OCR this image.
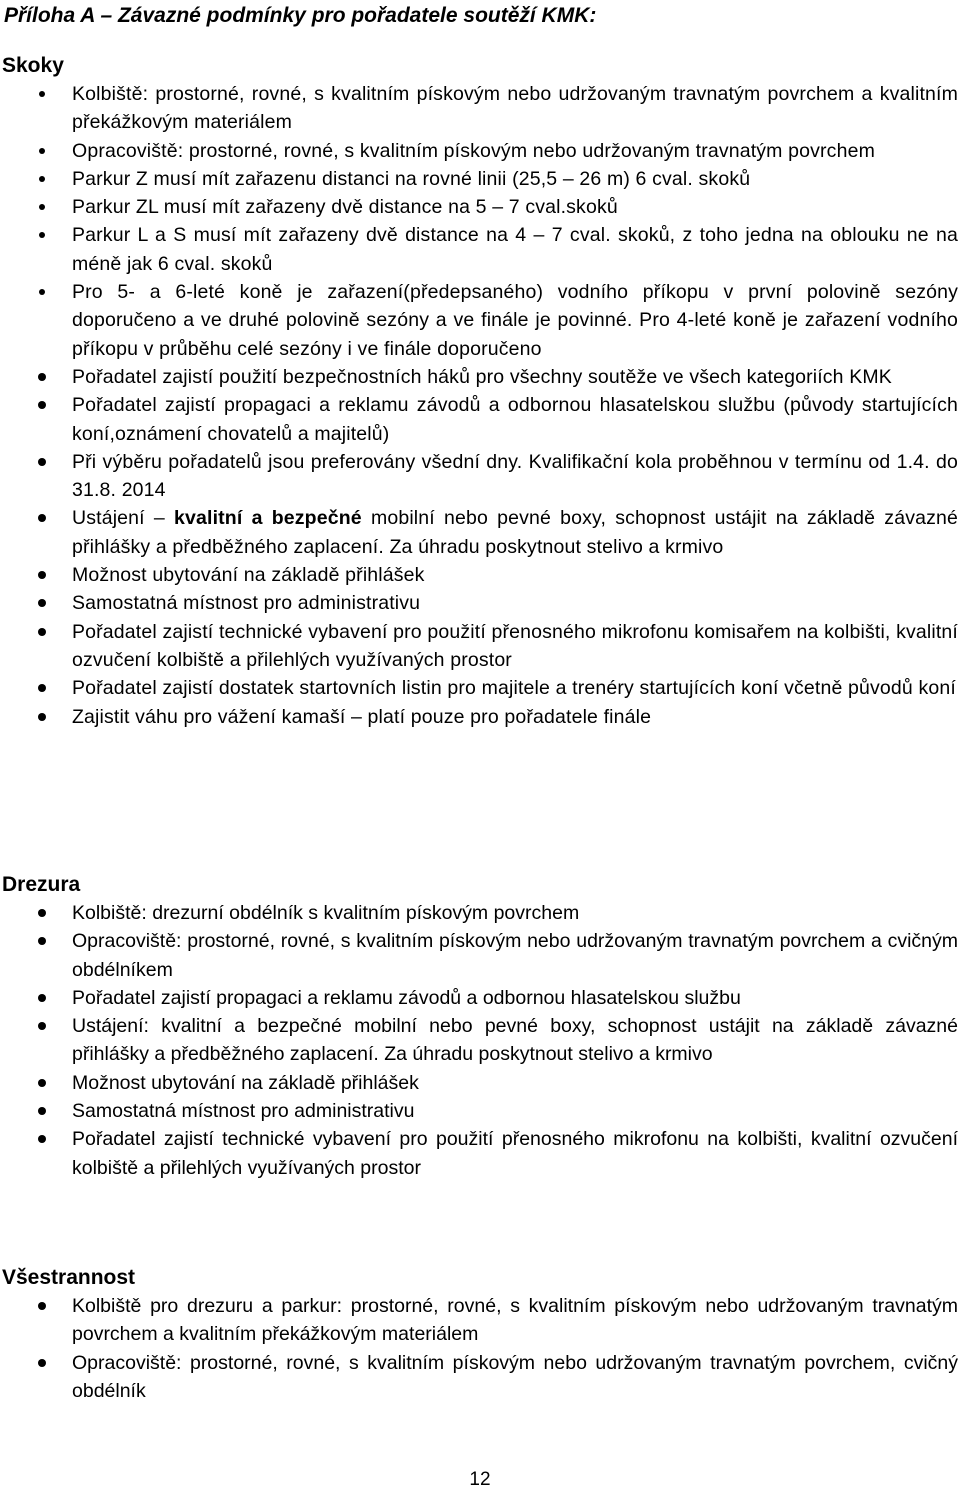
Příloha A – Závazné podmínky pro pořadatele soutěží KMK:
Skoky
Kolbiště: prostorné, rovné, s kvalitním pískovým nebo udržovaným travnatým povrchem a kvalitním překážkovým materiálem
Opracoviště: prostorné, rovné, s kvalitním pískovým nebo udržovaným travnatým povrchem
Parkur Z musí mít zařazenu distanci na rovné linii (25,5 – 26 m) 6 cval. skoků
Parkur ZL musí mít zařazeny dvě distance na 5 – 7 cval.skoků
Parkur L a S musí mít zařazeny dvě distance na 4 – 7 cval. skoků, z toho jedna na oblouku ne na méně jak 6 cval. skoků
Pro 5- a 6-leté koně je zařazení(předepsaného) vodního příkopu v první polovině sezóny doporučeno a ve druhé polovině sezóny a ve finále je povinné. Pro 4-leté koně je zařazení vodního příkopu v průběhu celé sezóny i ve finále doporučeno
Pořadatel zajistí použití bezpečnostních háků pro všechny soutěže ve všech kategoriích KMK
Pořadatel zajistí propagaci a reklamu závodů a odbornou hlasatelskou službu (původy startujících koní,oznámení chovatelů a majitelů)
Při výběru pořadatelů jsou preferovány všední dny. Kvalifikační kola proběhnou v termínu od 1.4. do 31.8. 2014
Ustájení – kvalitní a bezpečné mobilní nebo pevné boxy, schopnost ustájit na základě závazné přihlášky a předběžného zaplacení. Za úhradu poskytnout stelivo a krmivo
Možnost ubytování na základě přihlášek
Samostatná místnost pro administrativu
Pořadatel zajistí technické vybavení pro použití přenosného mikrofonu komisařem na kolbišti, kvalitní ozvučení kolbiště a přilehlých využívaných prostor
Pořadatel zajistí dostatek startovních listin pro majitele a trenéry startujících koní včetně původů koní
Zajistit váhu pro vážení kamaší – platí pouze pro pořadatele finále
Drezura
Kolbiště: drezurní obdélník s kvalitním pískovým povrchem
Opracoviště: prostorné, rovné, s kvalitním pískovým nebo udržovaným travnatým povrchem a cvičným obdélníkem
Pořadatel zajistí propagaci a reklamu závodů a odbornou hlasatelskou službu
Ustájení: kvalitní a bezpečné mobilní nebo pevné boxy, schopnost ustájit na základě závazné přihlášky a předběžného zaplacení. Za úhradu poskytnout stelivo a krmivo
Možnost ubytování na základě přihlášek
Samostatná místnost pro administrativu
Pořadatel zajistí technické vybavení pro použití přenosného mikrofonu na kolbišti, kvalitní ozvučení kolbiště a přilehlých využívaných prostor
Všestrannost
Kolbiště pro drezuru a parkur: prostorné, rovné, s kvalitním pískovým nebo udržovaným travnatým povrchem a kvalitním překážkovým materiálem
Opracoviště: prostorné, rovné, s kvalitním pískovým nebo udržovaným travnatým povrchem, cvičný obdélník
12
